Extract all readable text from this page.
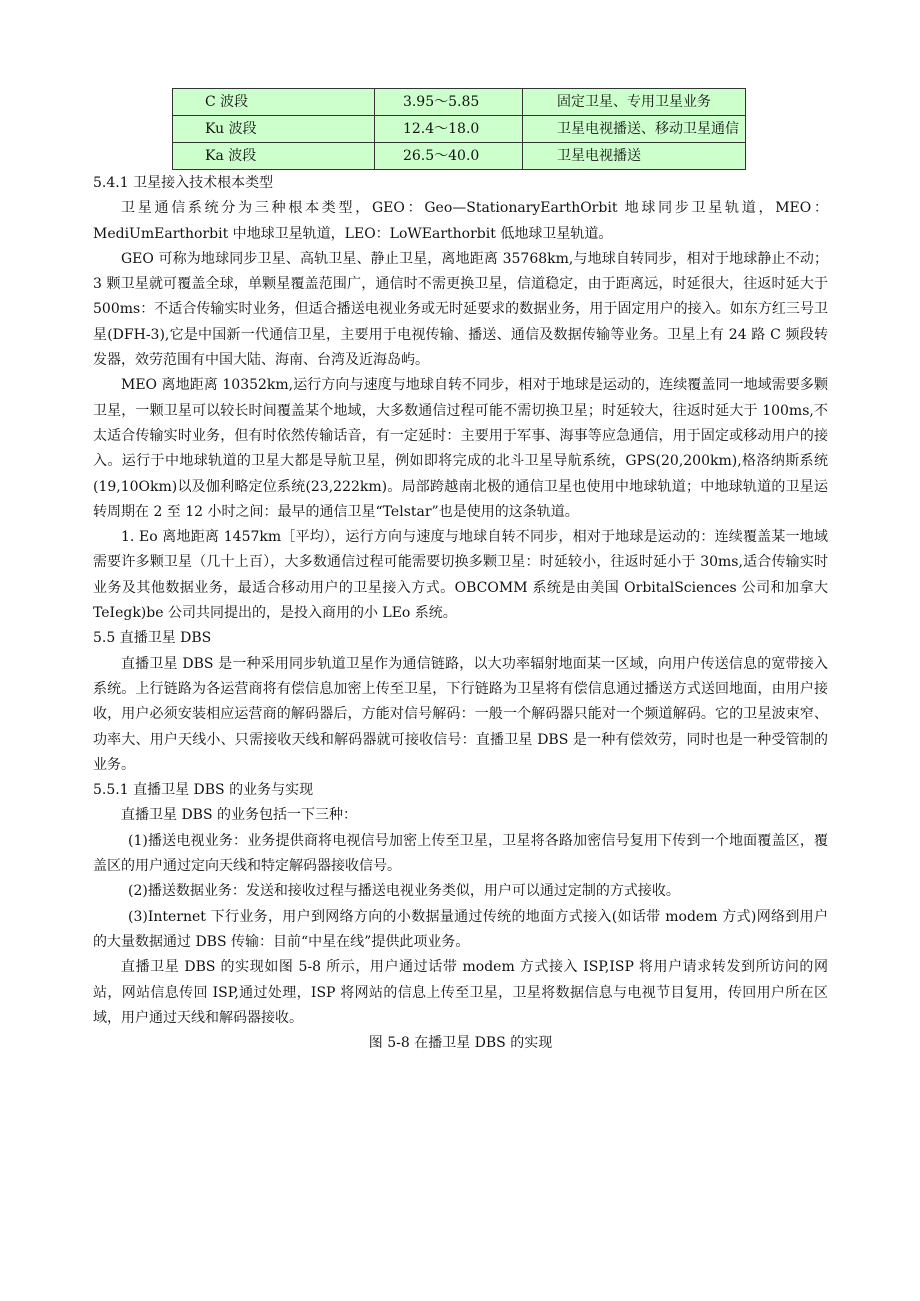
C 波段	3.95～5.85	固定卫星、专用卫星业务
Ku 波段	12.4～18.0	卫星电视播送、移动卫星通信
Ka 波段	26.5～40.0	卫星电视播送

5.4.1 卫星接入技术根本类型

卫星通信系统分为三种根本类型，GEO：Geo—StationaryEarthOrbit 地球同步卫星轨道，MEO：MediUmEarthorbit 中地球卫星轨道，LEO：LoWEarthorbit 低地球卫星轨道。

GEO 可称为地球同步卫星、高轨卫星、静止卫星，离地距离 35768km,与地球自转同步，相对于地球静止不动；3 颗卫星就可覆盖全球，单颗星覆盖范围广，通信时不需更换卫星，信道稳定，由于距离远，时延很大，往返时延大于 500ms：不适合传输实时业务，但适合播送电视业务或无时延要求的数据业务，用于固定用户的接入。如东方红三号卫星(DFH-3),它是中国新一代通信卫星，主要用于电视传输、播送、通信及数据传输等业务。卫星上有 24 路 C 频段转发器，效劳范围有中国大陆、海南、台湾及近海岛屿。

MEO 离地距离 10352km,运行方向与速度与地球自转不同步，相对于地球是运动的，连续覆盖同一地域需要多颗卫星，一颗卫星可以较长时间覆盖某个地域，大多数通信过程可能不需切换卫星；时延较大，往返时延大于 100ms,不太适合传输实时业务，但有时依然传输话音，有一定延时：主要用于军事、海事等应急通信，用于固定或移动用户的接入。运行于中地球轨道的卫星大都是导航卫星，例如即将完成的北斗卫星导航系统，GPS(20,200km),格洛纳斯系统(19,10Okm)以及伽利略定位系统(23,222km)。局部跨越南北极的通信卫星也使用中地球轨道；中地球轨道的卫星运转周期在 2 至 12 小时之间：最早的通信卫星“Telstar”也是使用的这条轨道。

1. Eo 离地距离 1457km［平均），运行方向与速度与地球自转不同步，相对于地球是运动的：连续覆盖某一地域需要许多颗卫星（几十上百），大多数通信过程可能需要切换多颗卫星：时延较小，往返时延小于 30ms,适合传输实时业务及其他数据业务，最适合移动用户的卫星接入方式。OBCOMM 系统是由美国 OrbitalSciences 公司和加拿大 TeIegk)be 公司共同提出的，是投入商用的小 LEo 系统。

5.5 直播卫星 DBS

直播卫星 DBS 是一种采用同步轨道卫星作为通信链路，以大功率辐射地面某一区域，向用户传送信息的宽带接入系统。上行链路为各运营商将有偿信息加密上传至卫星，下行链路为卫星将有偿信息通过播送方式送回地面，由用户接收，用户必须安装相应运营商的解码器后，方能对信号解码：一般一个解码器只能对一个频道解码。它的卫星波束窄、功率大、用户天线小、只需接收天线和解码器就可接收信号：直播卫星 DBS 是一种有偿效劳，同时也是一种受管制的业务。

5.5.1 直播卫星 DBS 的业务与实现

直播卫星 DBS 的业务包括一下三种：

(1)播送电视业务：业务提供商将电视信号加密上传至卫星，卫星将各路加密信号复用下传到一个地面覆盖区，覆盖区的用户通过定向天线和特定解码器接收信号。

(2)播送数据业务：发送和接收过程与播送电视业务类似，用户可以通过定制的方式接收。

(3)Internet 下行业务，用户到网络方向的小数据量通过传统的地面方式接入(如话带 modem 方式)网络到用户的大量数据通过 DBS 传输：目前“中星在线”提供此项业务。

直播卫星 DBS 的实现如图 5-8 所示，用户通过话带 modem 方式接入 ISP,ISP 将用户请求转发到所访问的网站，网站信息传回 ISP,通过处理，ISP 将网站的信息上传至卫星，卫星将数据信息与电视节目复用，传回用户所在区域，用户通过天线和解码器接收。

图 5-8 在播卫星 DBS 的实现
